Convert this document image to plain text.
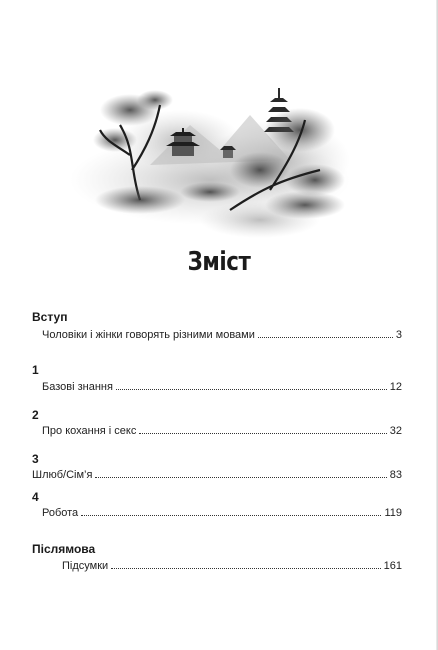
Зміст
Вступ
Чоловіки і жінки говорять різними мовами	3
1
Базові знання	12
2
Про кохання і секс	32
3
Шлюб/Сім’я	83
4
Робота	119
Післямова
Підсумки	161
